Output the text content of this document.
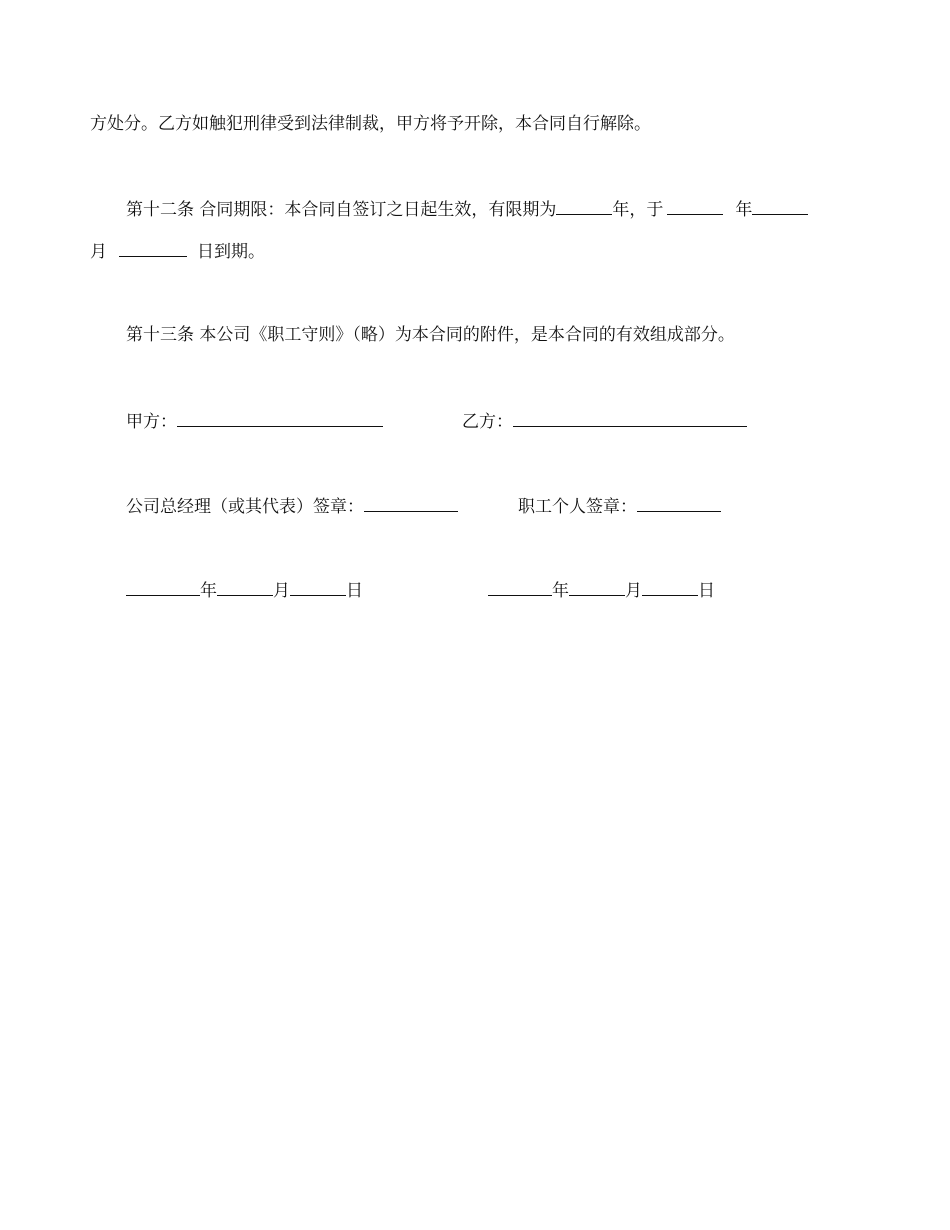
方处分。乙方如触犯刑律受到法律制裁，甲方将予开除，本合同自行解除。
第十二条 合同期限：本合同自签订之日起生效，有限期为	年，于	年
月	日到期。
第十三条 本公司《职工守则》（略）为本合同的附件，是本合同的有效组成部分。
甲方：	乙方：
公司总经理（或其代表）签章：	职工个人签章：
年	月	日	年	月	日
